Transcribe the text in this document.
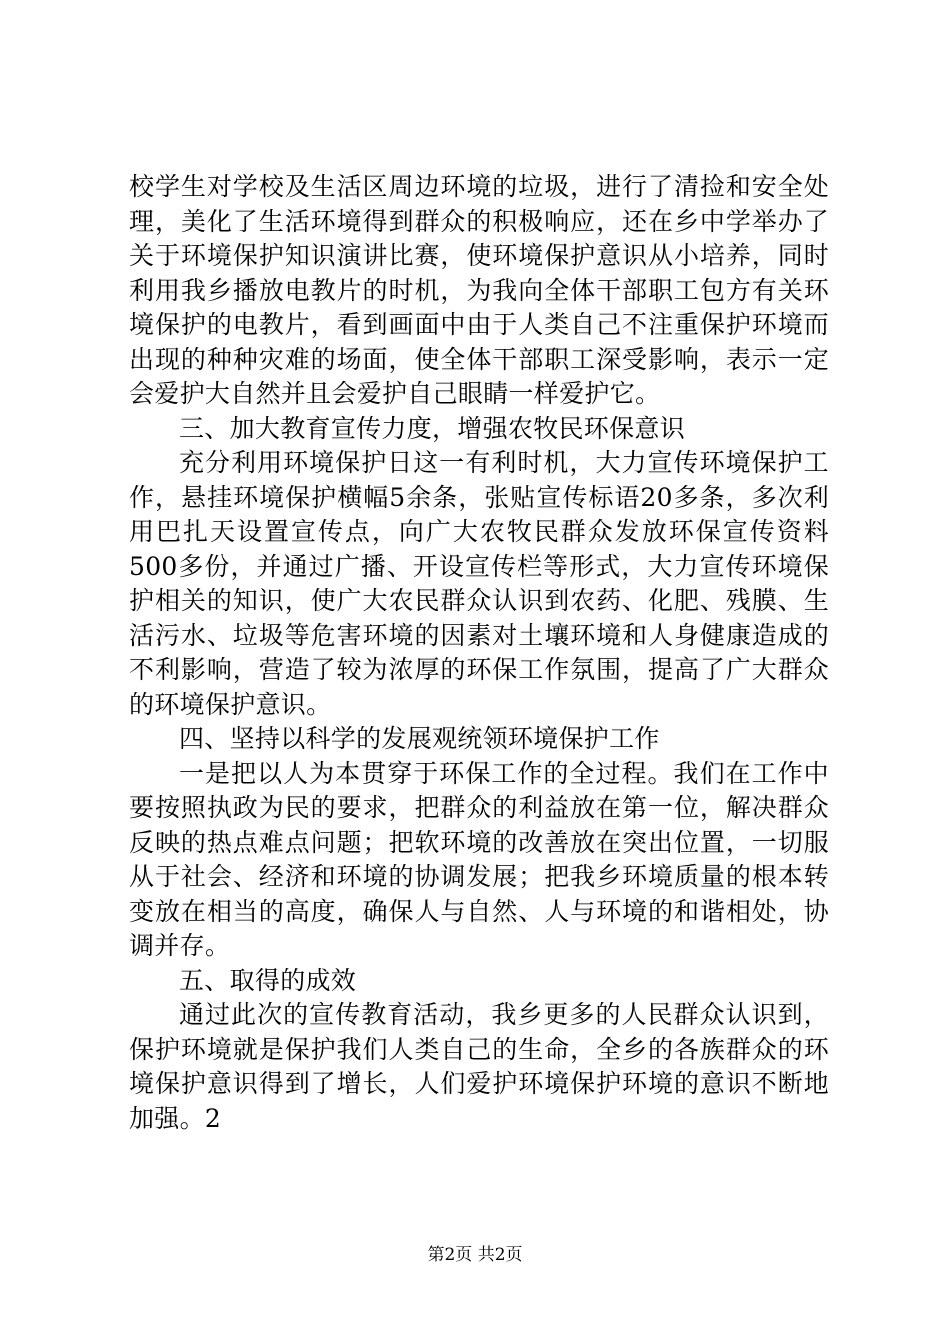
校学生对学校及生活区周边环境的垃圾，进行了清捡和安全处理，美化了生活环境得到群众的积极响应，还在乡中学举办了关于环境保护知识演讲比赛，使环境保护意识从小培养，同时利用我乡播放电教片的时机，为我向全体干部职工包方有关环境保护的电教片，看到画面中由于人类自己不注重保护环境而出现的种种灾难的场面，使全体干部职工深受影响，表示一定会爱护大自然并且会爱护自己眼睛一样爱护它。

三、加大教育宣传力度，增强农牧民环保意识

充分利用环境保护日这一有利时机，大力宣传环境保护工作，悬挂环境保护横幅5余条，张贴宣传标语20多条，多次利用巴扎天设置宣传点，向广大农牧民群众发放环保宣传资料500多份，并通过广播、开设宣传栏等形式，大力宣传环境保护相关的知识，使广大农民群众认识到农药、化肥、残膜、生活污水、垃圾等危害环境的因素对土壤环境和人身健康造成的不利影响，营造了较为浓厚的环保工作氛围，提高了广大群众的环境保护意识。

四、坚持以科学的发展观统领环境保护工作

一是把以人为本贯穿于环保工作的全过程。我们在工作中要按照执政为民的要求，把群众的利益放在第一位，解决群众反映的热点难点问题；把软环境的改善放在突出位置，一切服从于社会、经济和环境的协调发展；把我乡环境质量的根本转变放在相当的高度，确保人与自然、人与环境的和谐相处，协调并存。

五、取得的成效

通过此次的宣传教育活动，我乡更多的人民群众认识到，保护环境就是保护我们人类自己的生命，全乡的各族群众的环境保护意识得到了增长，人们爱护环境保护环境的意识不断地加强。2

第2页 共2页
